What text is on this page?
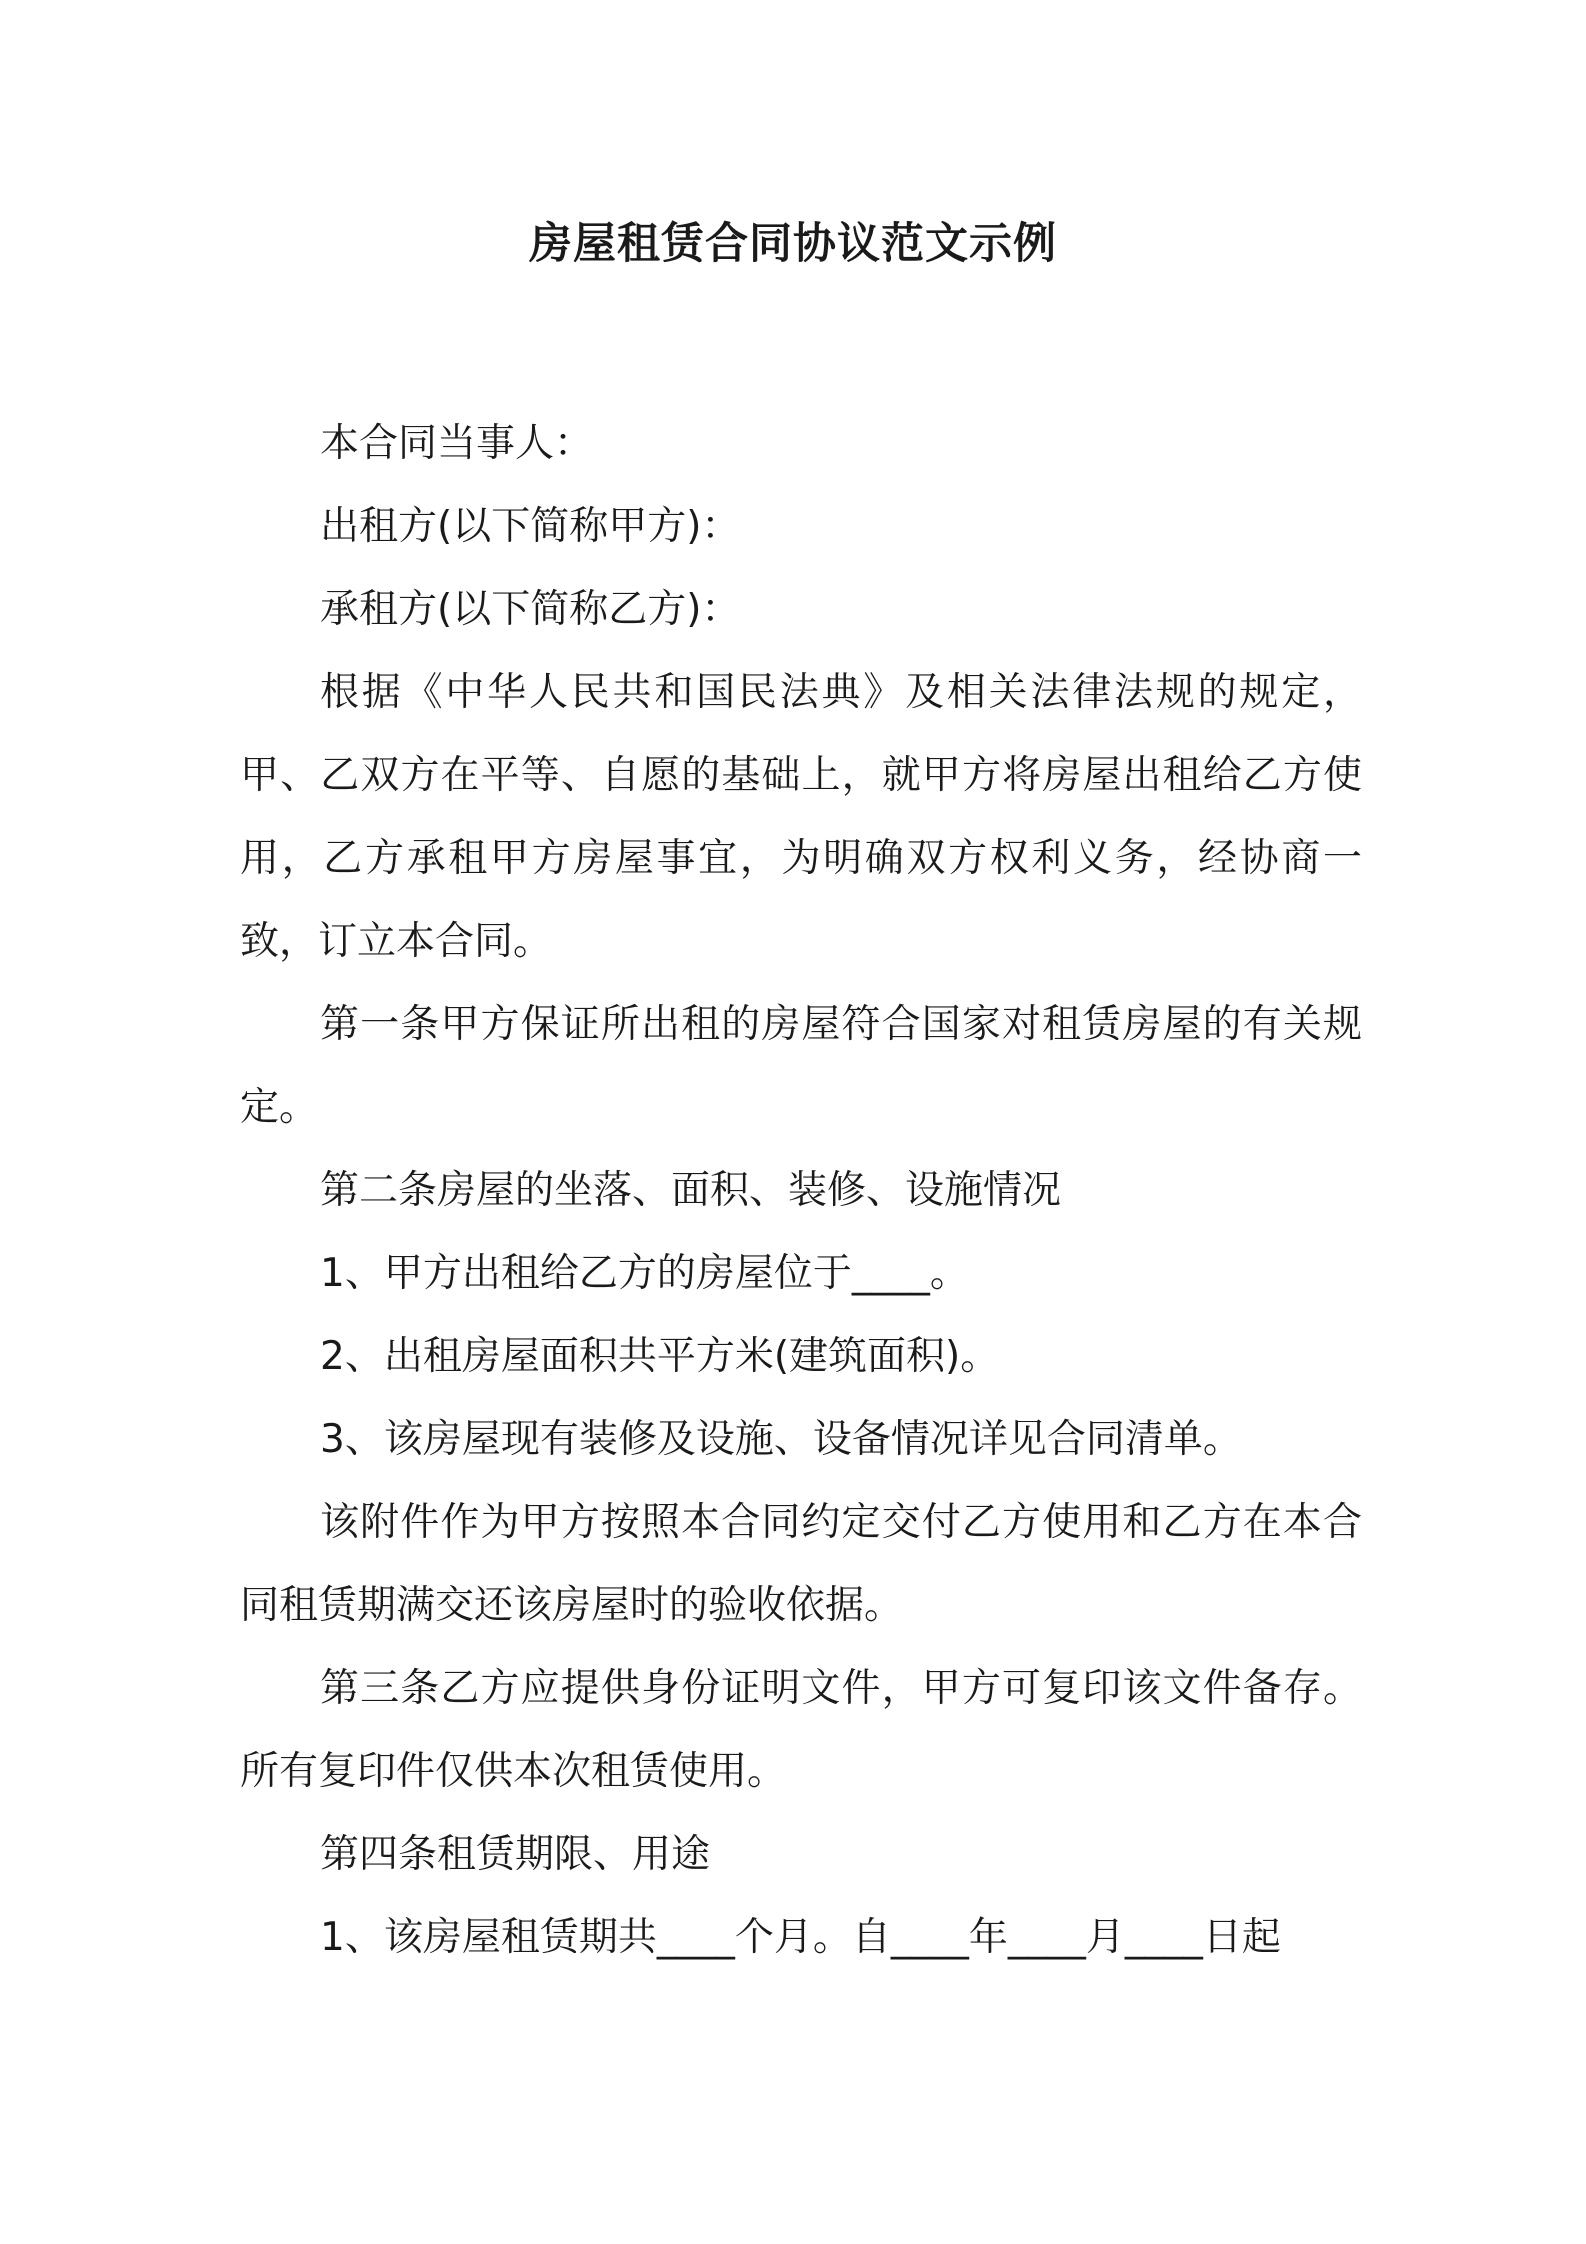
房屋租赁合同协议范文示例

本合同当事人：

出租方(以下简称甲方)：

承租方(以下简称乙方)：

根据《中华人民共和国民法典》及相关法律法规的规定，甲、乙双方在平等、自愿的基础上，就甲方将房屋出租给乙方使用，乙方承租甲方房屋事宜，为明确双方权利义务，经协商一致，订立本合同。

第一条甲方保证所出租的房屋符合国家对租赁房屋的有关规定。

第二条房屋的坐落、面积、装修、设施情况

1、甲方出租给乙方的房屋位于____。

2、出租房屋面积共平方米(建筑面积)。

3、该房屋现有装修及设施、设备情况详见合同清单。

该附件作为甲方按照本合同约定交付乙方使用和乙方在本合同租赁期满交还该房屋时的验收依据。

第三条乙方应提供身份证明文件，甲方可复印该文件备存。所有复印件仅供本次租赁使用。

第四条租赁期限、用途

1、该房屋租赁期共____个月。自____年____月____日起
